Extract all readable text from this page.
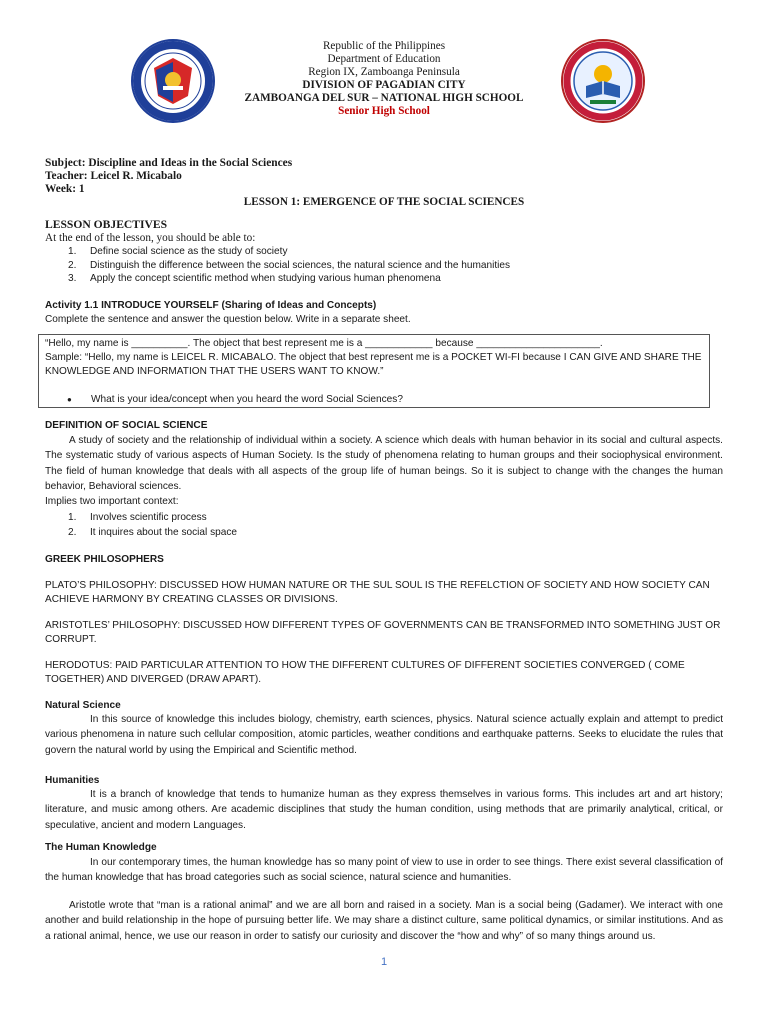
Republic of the Philippines
Department of Education
Region IX, Zamboanga Peninsula
DIVISION OF PAGADIAN CITY
ZAMBOANGA DEL SUR – NATIONAL HIGH SCHOOL
Senior High School
Subject: Discipline and Ideas in the Social Sciences
Teacher: Leicel R. Micabalo
Week: 1
LESSON 1: EMERGENCE OF THE SOCIAL SCIENCES
LESSON OBJECTIVES
At the end of the lesson, you should be able to:
1. Define social science as the study of society
2. Distinguish the difference between the social sciences, the natural science and the humanities
3. Apply the concept scientific method when studying various human phenomena
Activity 1.1 INTRODUCE YOURSELF (Sharing of Ideas and Concepts)
Complete the sentence and answer the question below. Write in a separate sheet.
“Hello, my name is __________. The object that best represent me is a ____________ because ______________________.
Sample: “Hello, my name is LEICEL R. MICABALO. The object that best represent me is a POCKET WI-FI because I CAN GIVE AND SHARE THE KNOWLEDGE AND INFORMATION THAT THE USERS WANT TO KNOW.”
●	What is your idea/concept when you heard the word Social Sciences?
DEFINITION OF SOCIAL SCIENCE
A study of society and the relationship of individual within a society. A science which deals with human behavior in its social and cultural aspects. The systematic study of various aspects of Human Society. Is the study of phenomena relating to human groups and their sociophysical environment. The field of human knowledge that deals with all aspects of the group life of human beings. So it is subject to change with the changes the human behavior, Behavioral sciences.
Implies two important context:
1. Involves scientific process
2. It inquires about the social space
GREEK PHILOSOPHERS
PLATO’S PHILOSOPHY: DISCUSSED HOW HUMAN NATURE OR THE SUL SOUL IS THE REFELCTION OF SOCIETY AND HOW SOCIETY CAN ACHIEVE HARMONY BY CREATING CLASSES OR DIVISIONS.
ARISTOTLES’ PHILOSOPHY: DISCUSSED HOW DIFFERENT TYPES OF GOVERNMENTS CAN BE TRANSFORMED INTO SOMETHING JUST OR CORRUPT.
HERODOTUS: PAID PARTICULAR ATTENTION TO HOW THE DIFFERENT CULTURES OF DIFFERENT SOCIETIES CONVERGED ( COME TOGETHER) AND DIVERGED (DRAW APART).
Natural Science
In this source of knowledge this includes biology, chemistry, earth sciences, physics. Natural science actually explain and attempt to predict various phenomena in nature such cellular composition, atomic particles, weather conditions and earthquake patterns. Seeks to elucidate the rules that govern the natural world by using the Empirical and Scientific method.
Humanities
It is a branch of knowledge that tends to humanize human as they express themselves in various forms. This includes art and art history; literature, and music among others. Are academic disciplines that study the human condition, using methods that are primarily analytical, critical, or speculative, ancient and modern Languages.
The Human Knowledge
In our contemporary times, the human knowledge has so many point of view to use in order to see things. There exist several classification of the human knowledge that has broad categories such as social science, natural science and humanities.
Aristotle wrote that “man is a rational animal” and we are all born and raised in a society. Man is a social being (Gadamer). We interact with one another and build relationship in the hope of pursuing better life. We may share a distinct culture, same political dynamics, or similar institutions. And as a rational animal, hence, we use our reason in order to satisfy our curiosity and discover the “how and why” of so many things around us.
1
